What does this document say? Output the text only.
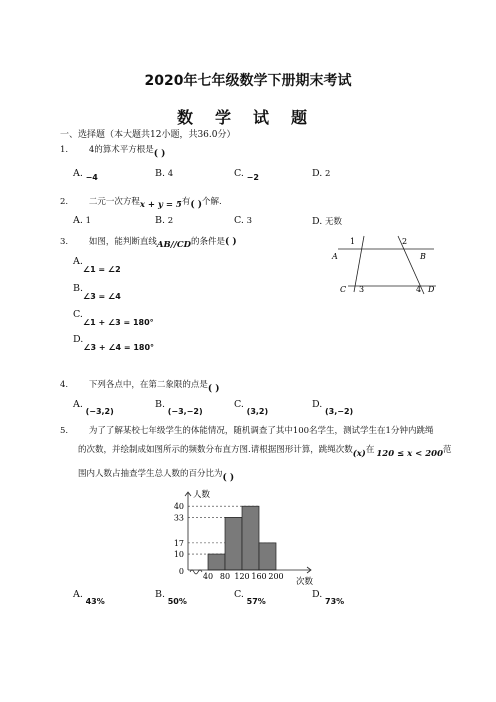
2020年七年级数学下册期末考试
数学试题
一、选择题（本大题共12小题，共36.0分）
1. 4的算术平方根是( )
A. −4	B. 4	C. −2	D. 2
2. 二元一次方程x + y = 5有( )个解.
A. 1	B. 2	C. 3	D. 无数
3. 如图，能判断直线AB//CD的条件是( )
A.∠1 = ∠2
B.∠3 = ∠4
C.∠1 + ∠3 = 180°
D.∠3 + ∠4 = 180°
1	2
A	B
C 3	4 D
4. 下列各点中，在第二象限的点是( )
A. (−3,2)
B. (−3,−2)
C. (3,2)
D. (3,−2)
5. 为了了解某校七年级学生的体能情况，随机调查了其中100名学生，测试学生在1分钟内跳绳
的次数，并绘制成如图所示的频数分布直方图.请根据图形计算，跳绳次数(x)在 120 ≤ x < 200范
围内人数占抽查学生总人数的百分比为( )
人数
次数
0
10
17
33
40
40 80 120 160 200
A. 43%
B. 50%
C. 57%
D. 73%
